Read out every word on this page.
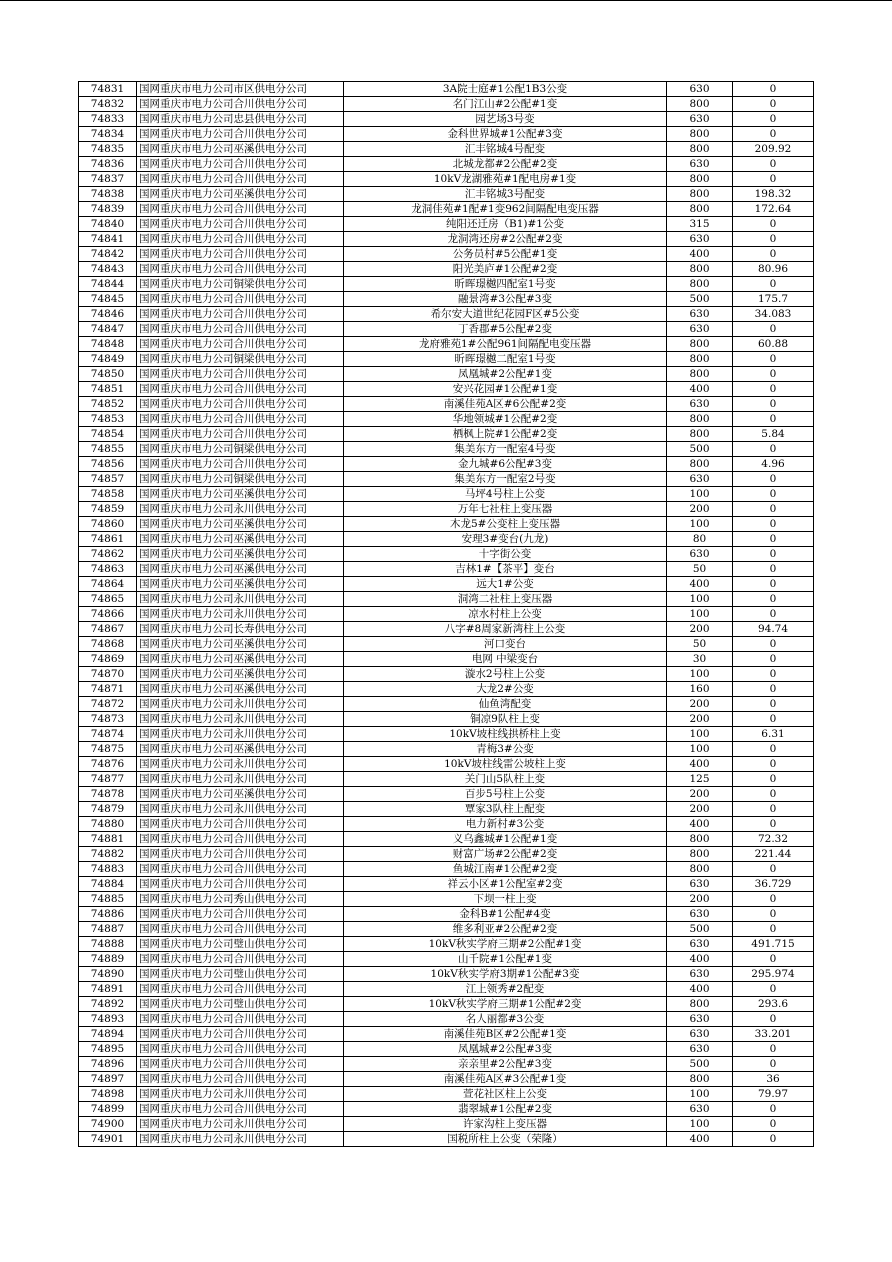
74831	国网重庆市电力公司市区供电分公司	3A院士庭#1公配1B3公变	630	0
74832	国网重庆市电力公司合川供电分公司	名门江山#2公配#1变	800	0
74833	国网重庆市电力公司忠县供电分公司	园艺场3号变	630	0
74834	国网重庆市电力公司合川供电分公司	金科世界城#1公配#3变	800	0
74835	国网重庆市电力公司巫溪供电分公司	汇丰铭城4号配变	800	209.92
74836	国网重庆市电力公司合川供电分公司	北城龙都#2公配#2变	630	0
74837	国网重庆市电力公司合川供电分公司	10kV龙湖雅苑#1配电房#1变	800	0
74838	国网重庆市电力公司巫溪供电分公司	汇丰铭城3号配变	800	198.32
74839	国网重庆市电力公司合川供电分公司	龙洞佳苑#1配#1变962间隔配电变压器	800	172.64
74840	国网重庆市电力公司合川供电分公司	纯阳还迁房（B1)#1公变	315	0
74841	国网重庆市电力公司合川供电分公司	龙洞湾还房#2公配#2变	630	0
74842	国网重庆市电力公司合川供电分公司	公务员村#5公配#1变	400	0
74843	国网重庆市电力公司合川供电分公司	阳光美庐#1公配#2变	800	80.96
74844	国网重庆市电力公司铜梁供电分公司	昕晖璟樾四配室1号变	800	0
74845	国网重庆市电力公司合川供电分公司	融景湾#3公配#3变	500	175.7
74846	国网重庆市电力公司合川供电分公司	希尔安大道世纪花园F区#5公变	630	34.083
74847	国网重庆市电力公司合川供电分公司	丁香郡#5公配#2变	630	0
74848	国网重庆市电力公司合川供电分公司	龙府雅苑1#公配961间隔配电变压器	800	60.88
74849	国网重庆市电力公司铜梁供电分公司	昕晖璟樾二配室1号变	800	0
74850	国网重庆市电力公司合川供电分公司	凤凰城#2公配#1变	800	0
74851	国网重庆市电力公司合川供电分公司	安兴花园#1公配#1变	400	0
74852	国网重庆市电力公司合川供电分公司	南溪佳苑A区#6公配#2变	630	0
74853	国网重庆市电力公司合川供电分公司	华地领城#1公配#2变	800	0
74854	国网重庆市电力公司合川供电分公司	栖枫上院#1公配#2变	800	5.84
74855	国网重庆市电力公司铜梁供电分公司	集美东方一配室4号变	500	0
74856	国网重庆市电力公司合川供电分公司	金九城#6公配#3变	800	4.96
74857	国网重庆市电力公司铜梁供电分公司	集美东方一配室2号变	630	0
74858	国网重庆市电力公司巫溪供电分公司	马坪4号柱上公变	100	0
74859	国网重庆市电力公司永川供电分公司	万年七社柱上变压器	200	0
74860	国网重庆市电力公司巫溪供电分公司	木龙5#公变柱上变压器	100	0
74861	国网重庆市电力公司巫溪供电分公司	安理3#变台(九龙)	80	0
74862	国网重庆市电力公司巫溪供电分公司	十字街公变	630	0
74863	国网重庆市电力公司巫溪供电分公司	吉林1#【茶平】变台	50	0
74864	国网重庆市电力公司巫溪供电分公司	远大1#公变	400	0
74865	国网重庆市电力公司永川供电分公司	洞湾二社柱上变压器	100	0
74866	国网重庆市电力公司永川供电分公司	凉水村柱上公变	100	0
74867	国网重庆市电力公司长寿供电分公司	八字#8周家新湾柱上公变	200	94.74
74868	国网重庆市电力公司巫溪供电分公司	河口变台	50	0
74869	国网重庆市电力公司巫溪供电分公司	电网 中梁变台	30	0
74870	国网重庆市电力公司巫溪供电分公司	漩水2号柱上公变	100	0
74871	国网重庆市电力公司巫溪供电分公司	大龙2#公变	160	0
74872	国网重庆市电力公司永川供电分公司	仙鱼湾配变	200	0
74873	国网重庆市电力公司永川供电分公司	铜凉9队柱上变	200	0
74874	国网重庆市电力公司永川供电分公司	10kV坡柱线拱桥柱上变	100	6.31
74875	国网重庆市电力公司巫溪供电分公司	青梅3#公变	100	0
74876	国网重庆市电力公司永川供电分公司	10kV坡柱线雷公坡柱上变	400	0
74877	国网重庆市电力公司永川供电分公司	关门山5队柱上变	125	0
74878	国网重庆市电力公司巫溪供电分公司	百步5号柱上公变	200	0
74879	国网重庆市电力公司永川供电分公司	覃家3队柱上配变	200	0
74880	国网重庆市电力公司合川供电分公司	电力新村#3公变	400	0
74881	国网重庆市电力公司合川供电分公司	义乌鑫城#1公配#1变	800	72.32
74882	国网重庆市电力公司合川供电分公司	财富广场#2公配#2变	800	221.44
74883	国网重庆市电力公司合川供电分公司	鱼城江南#1公配#2变	800	0
74884	国网重庆市电力公司合川供电分公司	祥云小区#1公配室#2变	630	36.729
74885	国网重庆市电力公司秀山供电分公司	下坝一柱上变	200	0
74886	国网重庆市电力公司合川供电分公司	金科B#1公配#4变	630	0
74887	国网重庆市电力公司合川供电分公司	维多利亚#2公配#2变	500	0
74888	国网重庆市电力公司璧山供电分公司	10kV秋实学府三期#2公配#1变	630	491.715
74889	国网重庆市电力公司合川供电分公司	山千院#1公配#1变	400	0
74890	国网重庆市电力公司璧山供电分公司	10kV秋实学府3期#1公配#3变	630	295.974
74891	国网重庆市电力公司合川供电分公司	江上领秀#2配变	400	0
74892	国网重庆市电力公司璧山供电分公司	10kV秋实学府三期#1公配#2变	800	293.6
74893	国网重庆市电力公司合川供电分公司	名人丽都#3公变	630	0
74894	国网重庆市电力公司合川供电分公司	南溪佳苑B区#2公配#1变	630	33.201
74895	国网重庆市电力公司合川供电分公司	凤凰城#2公配#3变	630	0
74896	国网重庆市电力公司合川供电分公司	亲亲里#2公配#3变	500	0
74897	国网重庆市电力公司合川供电分公司	南溪佳苑A区#3公配#1变	800	36
74898	国网重庆市电力公司永川供电分公司	萱花社区柱上公变	100	79.97
74899	国网重庆市电力公司合川供电分公司	翡翠城#1公配#2变	630	0
74900	国网重庆市电力公司永川供电分公司	许家沟柱上变压器	100	0
74901	国网重庆市电力公司永川供电分公司	国税所柱上公变（荣隆）	400	0
